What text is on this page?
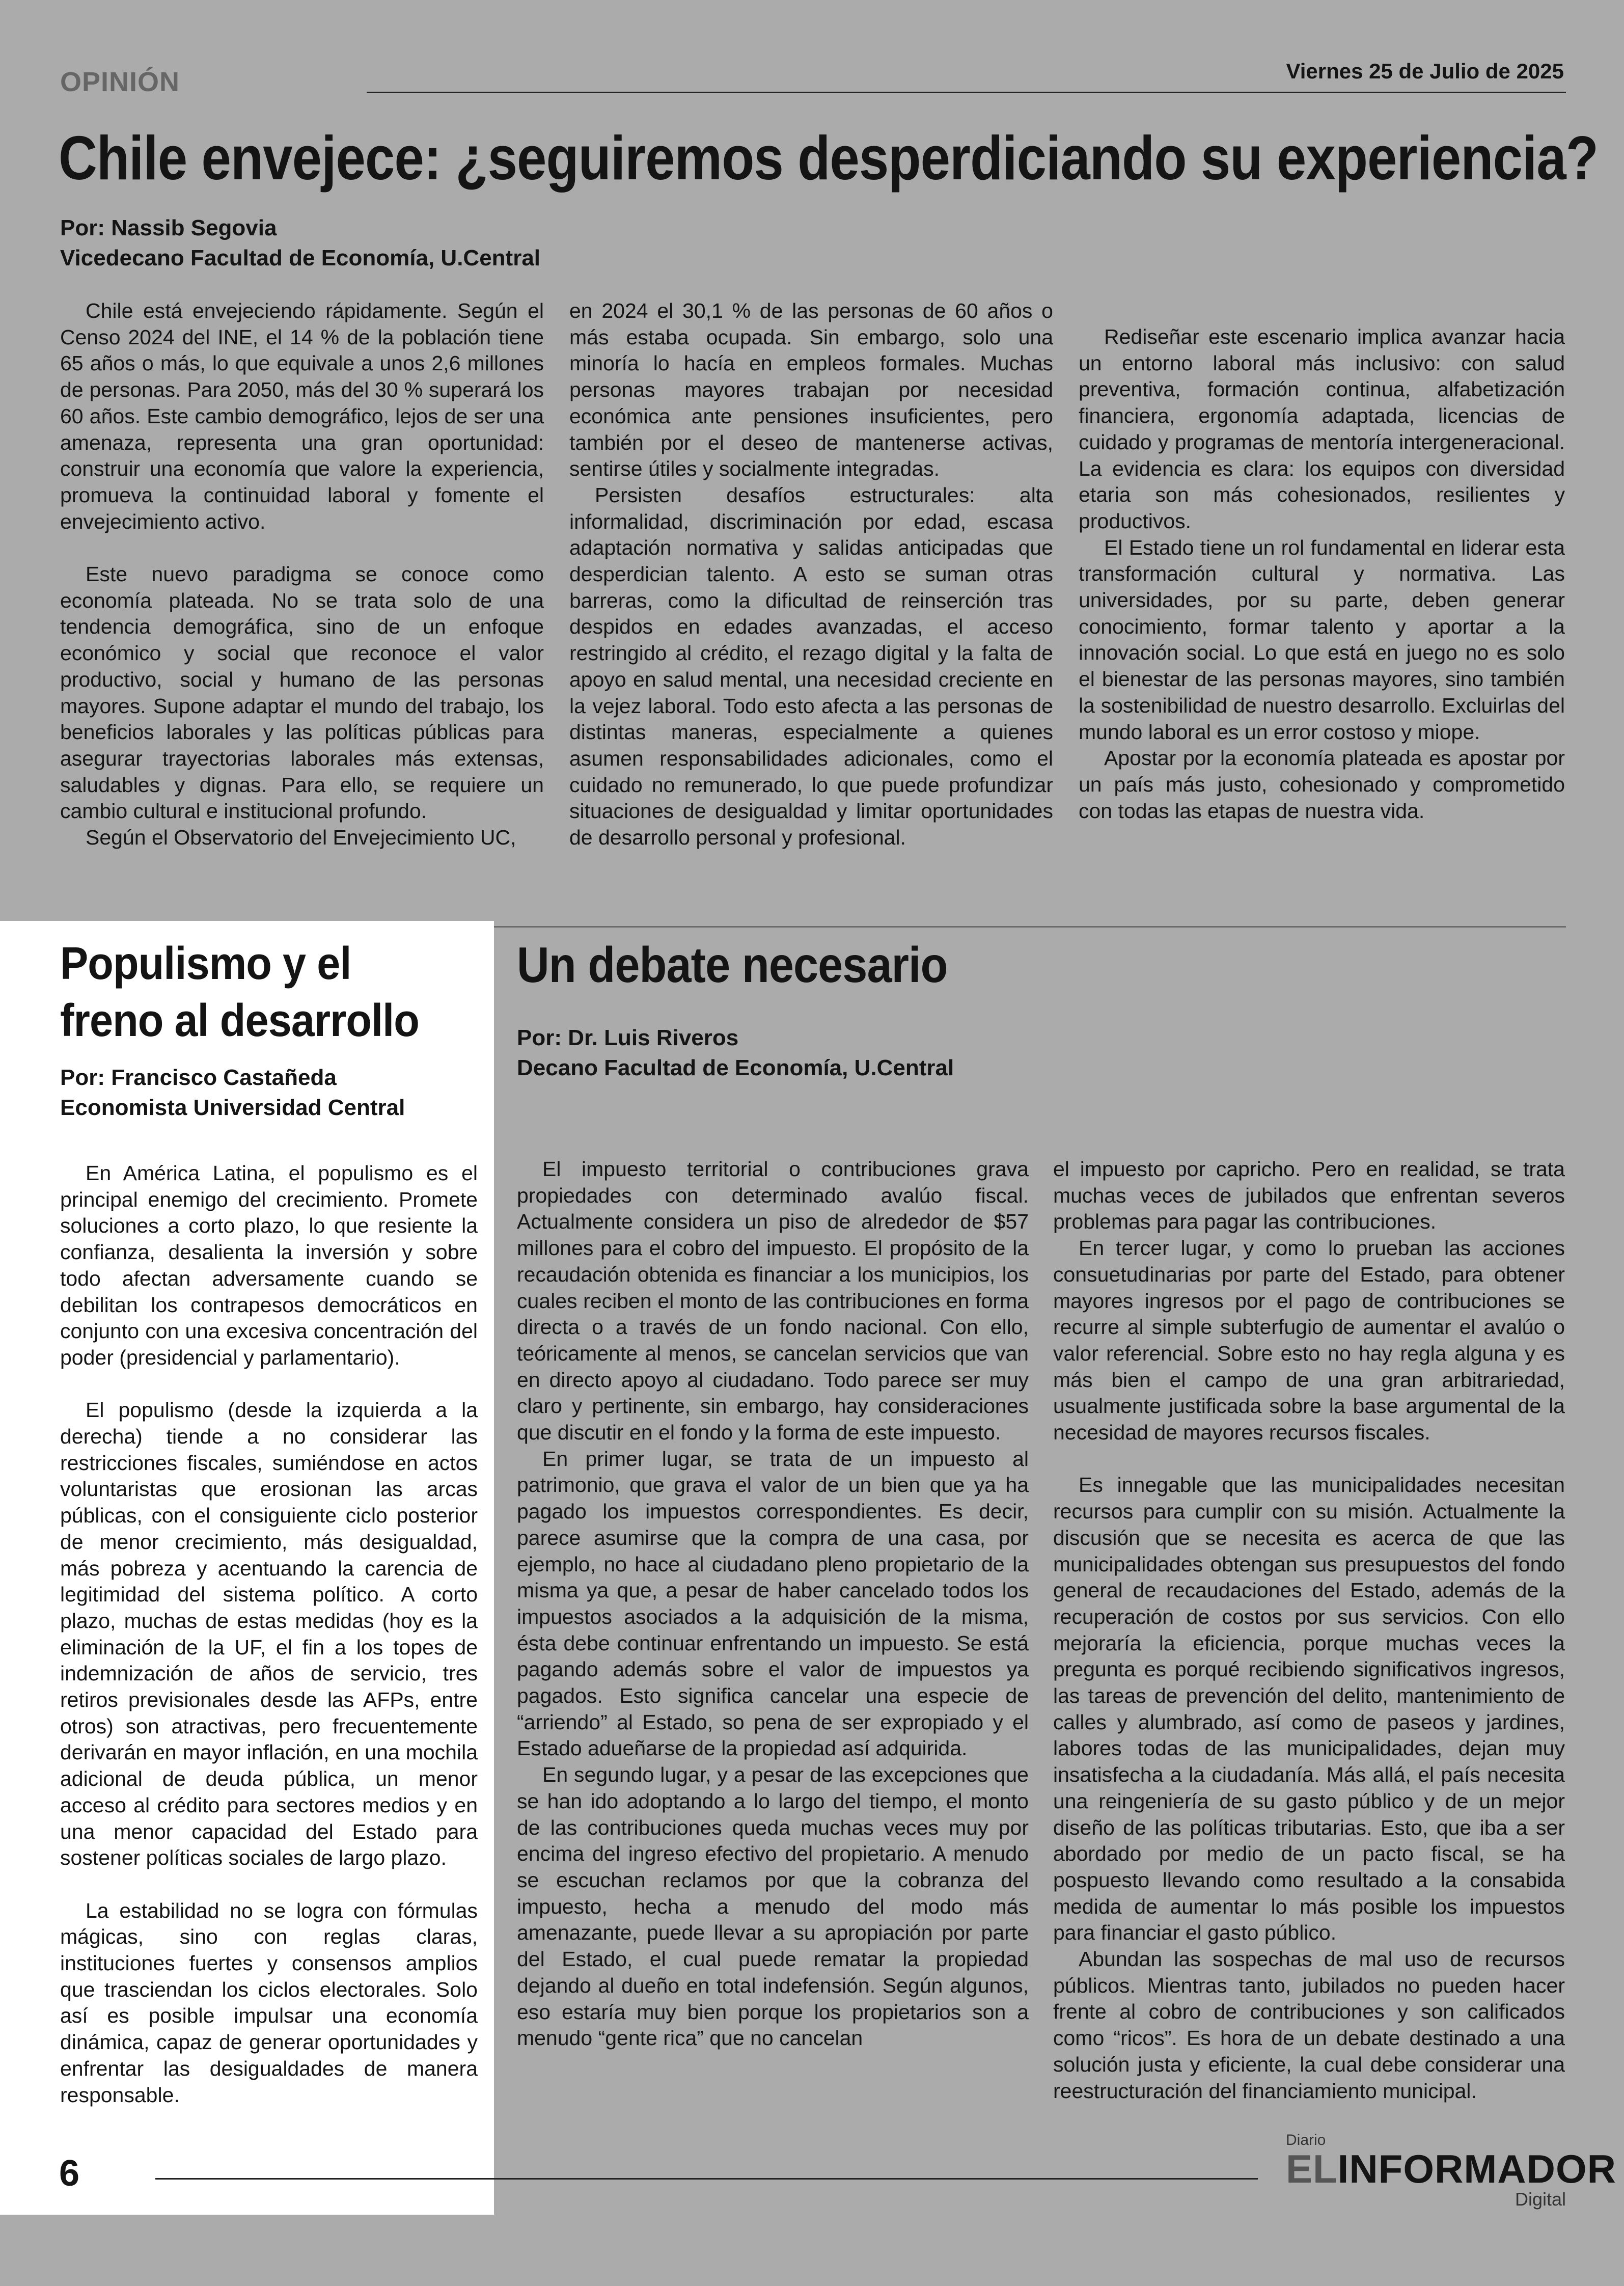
OPINIÓN	Viernes 25 de Julio de 2025
Chile envejece: ¿seguiremos desperdiciando su experiencia?
Por: Nassib Segovia
Vicedecano Facultad de Economía, U.Central

Chile está envejeciendo rápidamente. Según el Censo 2024 del INE, el 14 % de la población tiene 65 años o más, lo que equivale a unos 2,6 millones de personas. Para 2050, más del 30 % superará los 60 años. Este cambio demográfico, lejos de ser una amenaza, representa una gran oportunidad: construir una economía que valore la experiencia, promueva la continuidad laboral y fomente el envejecimiento activo.

Este nuevo paradigma se conoce como economía plateada. No se trata solo de una tendencia demográfica, sino de un enfoque económico y social que reconoce el valor productivo, social y humano de las personas mayores. Supone adaptar el mundo del trabajo, los beneficios laborales y las políticas públicas para asegurar trayectorias laborales más extensas, saludables y dignas. Para ello, se requiere un cambio cultural e institucional profundo.

Según el Observatorio del Envejecimiento UC,

en 2024 el 30,1 % de las personas de 60 años o más estaba ocupada. Sin embargo, solo una minoría lo hacía en empleos formales. Muchas personas mayores trabajan por necesidad económica ante pensiones insuficientes, pero también por el deseo de mantenerse activas, sentirse útiles y socialmente integradas.

Persisten desafíos estructurales: alta informalidad, discriminación por edad, escasa adaptación normativa y salidas anticipadas que desperdician talento. A esto se suman otras barreras, como la dificultad de reinserción tras despidos en edades avanzadas, el acceso restringido al crédito, el rezago digital y la falta de apoyo en salud mental, una necesidad creciente en la vejez laboral. Todo esto afecta a las personas de distintas maneras, especialmente a quienes asumen responsabilidades adicionales, como el cuidado no remunerado, lo que puede profundizar situaciones de desigualdad y limitar oportunidades de desarrollo personal y profesional.

Rediseñar este escenario implica avanzar hacia un entorno laboral más inclusivo: con salud preventiva, formación continua, alfabetización financiera, ergonomía adaptada, licencias de cuidado y programas de mentoría intergeneracional. La evidencia es clara: los equipos con diversidad etaria son más cohesionados, resilientes y productivos.

El Estado tiene un rol fundamental en liderar esta transformación cultural y normativa. Las universidades, por su parte, deben generar conocimiento, formar talento y aportar a la innovación social. Lo que está en juego no es solo el bienestar de las personas mayores, sino también la sostenibilidad de nuestro desarrollo. Excluirlas del mundo laboral es un error costoso y miope.

Apostar por la economía plateada es apostar por un país más justo, cohesionado y comprometido con todas las etapas de nuestra vida.

Populismo y el freno al desarrollo
Por: Francisco Castañeda
Economista Universidad Central

En América Latina, el populismo es el principal enemigo del crecimiento. Promete soluciones a corto plazo, lo que resiente la confianza, desalienta la inversión y sobre todo afectan adversamente cuando se debilitan los contrapesos democráticos en conjunto con una excesiva concentración del poder (presidencial y parlamentario).

El populismo (desde la izquierda a la derecha) tiende a no considerar las restricciones fiscales, sumiéndose en actos voluntaristas que erosionan las arcas públicas, con el consiguiente ciclo posterior de menor crecimiento, más desigualdad, más pobreza y acentuando la carencia de legitimidad del sistema político. A corto plazo, muchas de estas medidas (hoy es la eliminación de la UF, el fin a los topes de indemnización de años de servicio, tres retiros previsionales desde las AFPs, entre otros) son atractivas, pero frecuentemente derivarán en mayor inflación, en una mochila adicional de deuda pública, un menor acceso al crédito para sectores medios y en una menor capacidad del Estado para sostener políticas sociales de largo plazo.

La estabilidad no se logra con fórmulas mágicas, sino con reglas claras, instituciones fuertes y consensos amplios que trasciendan los ciclos electorales. Solo así es posible impulsar una economía dinámica, capaz de generar oportunidades y enfrentar las desigualdades de manera responsable.

Un debate necesario
Por: Dr. Luis Riveros
Decano Facultad de Economía, U.Central

El impuesto territorial o contribuciones grava propiedades con determinado avalúo fiscal. Actualmente considera un piso de alrededor de $57 millones para el cobro del impuesto. El propósito de la recaudación obtenida es financiar a los municipios, los cuales reciben el monto de las contribuciones en forma directa o a través de un fondo nacional. Con ello, teóricamente al menos, se cancelan servicios que van en directo apoyo al ciudadano. Todo parece ser muy claro y pertinente, sin embargo, hay consideraciones que discutir en el fondo y la forma de este impuesto.

En primer lugar, se trata de un impuesto al patrimonio, que grava el valor de un bien que ya ha pagado los impuestos correspondientes. Es decir, parece asumirse que la compra de una casa, por ejemplo, no hace al ciudadano pleno propietario de la misma ya que, a pesar de haber cancelado todos los impuestos asociados a la adquisición de la misma, ésta debe continuar enfrentando un impuesto. Se está pagando además sobre el valor de impuestos ya pagados. Esto significa cancelar una especie de “arriendo” al Estado, so pena de ser expropiado y el Estado adueñarse de la propiedad así adquirida.

En segundo lugar, y a pesar de las excepciones que se han ido adoptando a lo largo del tiempo, el monto de las contribuciones queda muchas veces muy por encima del ingreso efectivo del propietario. A menudo se escuchan reclamos por que la cobranza del impuesto, hecha a menudo del modo más amenazante, puede llevar a su apropiación por parte del Estado, el cual puede rematar la propiedad dejando al dueño en total indefensión. Según algunos, eso estaría muy bien porque los propietarios son a menudo “gente rica” que no cancelan

el impuesto por capricho. Pero en realidad, se trata muchas veces de jubilados que enfrentan severos problemas para pagar las contribuciones.

En tercer lugar, y como lo prueban las acciones consuetudinarias por parte del Estado, para obtener mayores ingresos por el pago de contribuciones se recurre al simple subterfugio de aumentar el avalúo o valor referencial. Sobre esto no hay regla alguna y es más bien el campo de una gran arbitrariedad, usualmente justificada sobre la base argumental de la necesidad de mayores recursos fiscales.

Es innegable que las municipalidades necesitan recursos para cumplir con su misión. Actualmente la discusión que se necesita es acerca de que las municipalidades obtengan sus presupuestos del fondo general de recaudaciones del Estado, además de la recuperación de costos por sus servicios. Con ello mejoraría la eficiencia, porque muchas veces la pregunta es porqué recibiendo significativos ingresos, las tareas de prevención del delito, mantenimiento de calles y alumbrado, así como de paseos y jardines, labores todas de las municipalidades, dejan muy insatisfecha a la ciudadanía. Más allá, el país necesita una reingeniería de su gasto público y de un mejor diseño de las políticas tributarias. Esto, que iba a ser abordado por medio de un pacto fiscal, se ha pospuesto llevando como resultado a la consabida medida de aumentar lo más posible los impuestos para financiar el gasto público.

Abundan las sospechas de mal uso de recursos públicos. Mientras tanto, jubilados no pueden hacer frente al cobro de contribuciones y son calificados como “ricos”. Es hora de un debate destinado a una solución justa y eficiente, la cual debe considerar una reestructuración del financiamiento municipal.

6
Diario
ELINFORMADOR
Digital
